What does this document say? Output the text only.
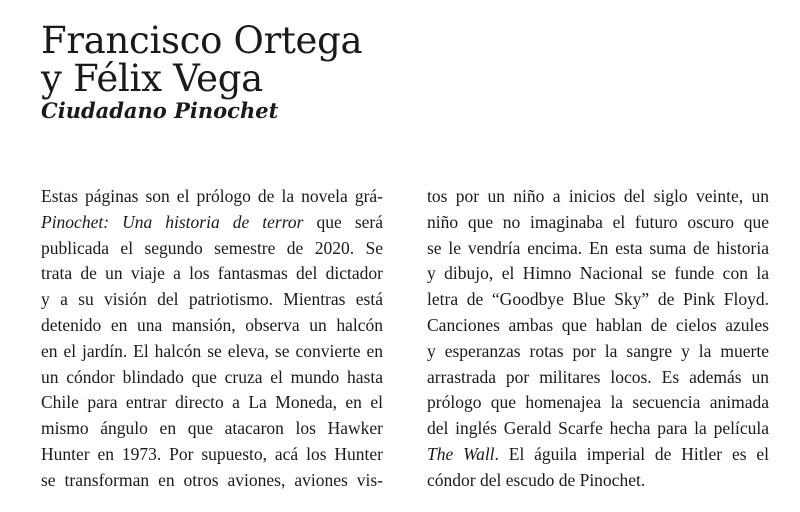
Francisco Ortega
y Félix Vega
Ciudadano Pinochet
Estas páginas son el prólogo de la novela grá-
Pinochet: Una historia de terror que será
publicada el segundo semestre de 2020. Se
trata de un viaje a los fantasmas del dictador
y a su visión del patriotismo. Mientras está
detenido en una mansión, observa un halcón
en el jardín. El halcón se eleva, se convierte en
un cóndor blindado que cruza el mundo hasta
Chile para entrar directo a La Moneda, en el
mismo ángulo en que atacaron los Hawker
Hunter en 1973. Por supuesto, acá los Hunter
se transforman en otros aviones, aviones vis-
tos por un niño a inicios del siglo veinte, un
niño que no imaginaba el futuro oscuro que
se le vendría encima. En esta suma de historia
y dibujo, el Himno Nacional se funde con la
letra de “Goodbye Blue Sky” de Pink Floyd.
Canciones ambas que hablan de cielos azules
y esperanzas rotas por la sangre y la muerte
arrastrada por militares locos. Es además un
prólogo que homenajea la secuencia animada
del inglés Gerald Scarfe hecha para la película
The Wall. El águila imperial de Hitler es el
cóndor del escudo de Pinochet.
